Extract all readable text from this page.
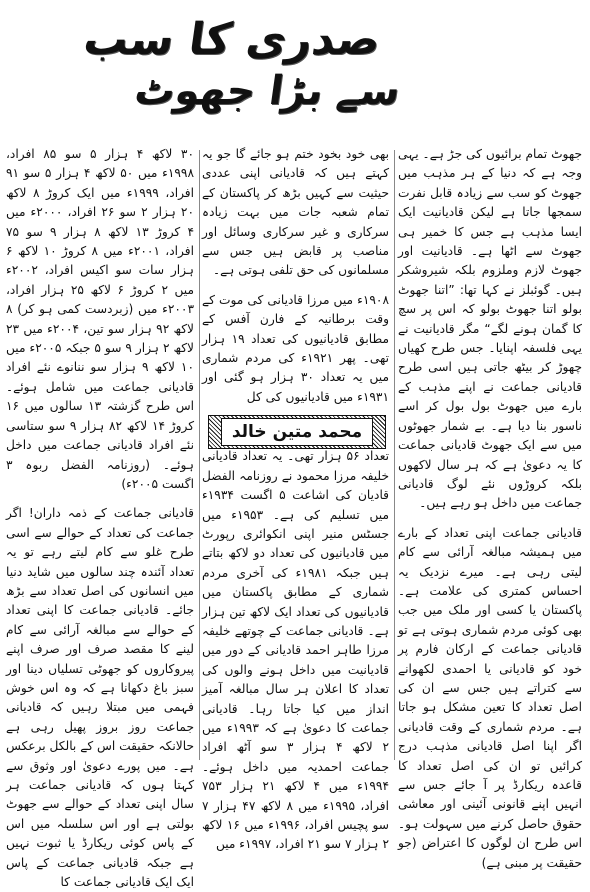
صدری کا سب
سے بڑا جھوٹ

جھوٹ تمام برائیوں کی جڑ ہے۔ یہی وجہ ہے کہ دنیا کے ہر مذہب میں جھوٹ کو سب سے زیادہ قابل نفرت سمجھا جاتا ہے لیکن قادیانیت ایک ایسا مذہب ہے جس کا خمیر ہی جھوٹ سے اٹھا ہے۔ قادیانیت اور جھوٹ لازم وملزوم بلکہ شیروشکر ہیں۔ گوئبلز نے کہا تھا: ”اتنا جھوٹ بولو اتنا جھوٹ بولو کہ اس پر سچ کا گمان ہونے لگے“ مگر قادیانیت نے یہی فلسفہ اپنایا۔ جس طرح کھیاں چھوڑ کر بیٹھ جاتی ہیں اسی طرح قادیانی جماعت نے اپنے مذہب کے بارے میں جھوٹ بول بول کر اسے ناسور بنا دیا ہے۔ بے شمار جھوٹوں میں سے ایک جھوٹ قادیانی جماعت کا یہ دعویٰ ہے کہ ہر سال لاکھوں بلکہ کروڑوں نئے لوگ قادیانی جماعت میں داخل ہو رہے ہیں۔

قادیانی جماعت اپنی تعداد کے بارے میں ہمیشہ مبالغہ آرائی سے کام لیتی رہی ہے۔ میرے نزدیک یہ احساس کمتری کی علامت ہے۔ پاکستان یا کسی اور ملک میں جب بھی کوئی مردم شماری ہوتی ہے تو قادیانی جماعت کے ارکان فارم پر خود کو قادیانی یا احمدی لکھوانے سے کتراتے ہیں جس سے ان کی اصل تعداد کا تعین مشکل ہو جاتا ہے۔ مردم شماری کے وقت قادیانی اگر اپنا اصل قادیانی مذہب درج کرائیں تو ان کی اصل تعداد کا قاعدہ ریکارڈ پر آ جائے جس سے انہیں اپنے قانونی آئینی اور معاشی حقوق حاصل کرنے میں سہولت ہو۔ اس طرح ان لوگوں کا اعتراض (جو حقیقت پر مبنی ہے)

بھی خود بخود ختم ہو جائے گا جو یہ کہتے ہیں کہ قادیانی اپنی عددی حیثیت سے کہیں بڑھ کر پاکستان کے تمام شعبہ جات میں بہت زیادہ سرکاری و غیر سرکاری وسائل اور مناصب پر قابض ہیں جس سے مسلمانوں کی حق تلفی ہوتی ہے۔

۱۹۰۸ء میں مرزا قادیانی کی موت کے وقت برطانیہ کے فارن آفس کے مطابق قادیانیوں کی تعداد ۱۹ ہزار تھی۔ پھر ۱۹۲۱ء کی مردم شماری میں یہ تعداد ۳۰ ہزار ہو گئی اور ۱۹۳۱ء میں قادیانیوں کی کل

تعداد ۵۶ ہزار تھی۔ یہ تعداد قادیانی خلیفہ مرزا محمود نے روزنامہ الفضل قادیان کی اشاعت ۵ اگست ۱۹۳۴ء میں تسلیم کی ہے۔ ۱۹۵۳ء میں جسٹس منیر اپنی انکوائری رپورٹ میں قادیانیوں کی تعداد دو لاکھ بتاتے ہیں جبکہ ۱۹۸۱ء کی آخری مردم شماری کے مطابق پاکستان میں قادیانیوں کی تعداد ایک لاکھ تین ہزار ہے۔ قادیانی جماعت کے چوتھے خلیفہ مرزا طاہر احمد قادیانی کے دور میں قادیانیت میں داخل ہونے والوں کی تعداد کا اعلان ہر سال مبالغہ آمیز انداز میں کیا جاتا رہا۔ قادیانی جماعت کا دعویٰ ہے کہ ۱۹۹۳ء میں ۲ لاکھ ۴ ہزار ۳ سو آٹھ افراد جماعت احمدیہ میں داخل ہوئے۔ ۱۹۹۴ء میں ۴ لاکھ ۲۱ ہزار ۷۵۳ افراد، ۱۹۹۵ء میں ۸ لاکھ ۴۷ ہزار ۷ سو پچیس افراد، ۱۹۹۶ء میں ۱۶ لاکھ ۲ ہزار ۷ سو ۲۱ افراد، ۱۹۹۷ء میں

۳۰ لاکھ ۴ ہزار ۵ سو ۸۵ افراد، ۱۹۹۸ء میں ۵۰ لاکھ ۴ ہزار ۵ سو ۹۱ افراد، ۱۹۹۹ء میں ایک کروڑ ۸ لاکھ ۲۰ ہزار ۲ سو ۲۶ افراد، ۲۰۰۰ء میں ۴ کروڑ ۱۳ لاکھ ۸ ہزار ۹ سو ۷۵ افراد، ۲۰۰۱ء میں ۸ کروڑ ۱۰ لاکھ ۶ ہزار سات سو اکیس افراد، ۲۰۰۲ء میں ۲ کروڑ ۶ لاکھ ۲۵ ہزار افراد، ۲۰۰۳ء میں (زبردست کمی ہو کر) ۸ لاکھ ۹۲ ہزار سو تین، ۲۰۰۴ء میں ۲۳ لاکھ ۲ ہزار ۹ سو ۵ جبکہ ۲۰۰۵ء میں ۱۰ لاکھ ۹ ہزار سو ننانوے نئے افراد قادیانی جماعت میں شامل ہوئے۔ اس طرح گزشتہ ۱۳ سالوں میں ۱۶ کروڑ ۱۴ لاکھ ۸۲ ہزار ۹ سو ستاسی نئے افراد قادیانی جماعت میں داخل ہوئے۔ (روزنامہ الفضل ربوہ ۳ اگست ۲۰۰۵ء)

قادیانی جماعت کے ذمہ داران! اگر جماعت کی تعداد کے حوالے سے اسی طرح غلو سے کام لیتے رہے تو یہ تعداد آئندہ چند سالوں میں شاید دنیا میں انسانوں کی اصل تعداد سے بڑھ جائے۔ قادیانی جماعت کا اپنی تعداد کے حوالے سے مبالغہ آرائی سے کام لینے کا مقصد صرف اور صرف اپنے پیروکاروں کو جھوٹی تسلیاں دینا اور سبز باغ دکھانا ہے کہ وہ اس خوش فہمی میں مبتلا رہیں کہ قادیانی جماعت روز بروز پھیل رہی ہے حالانکہ حقیقت اس کے بالکل برعکس ہے۔ میں پورے دعویٰ اور وثوق سے کہتا ہوں کہ قادیانی جماعت ہر سال اپنی تعداد کے حوالے سے جھوٹ بولتی ہے اور اس سلسلہ میں اس کے پاس کوئی ریکارڈ یا ثبوت نہیں ہے جبکہ قادیانی جماعت کے پاس ایک ایک قادیانی جماعت کا

محمد متین خالد
